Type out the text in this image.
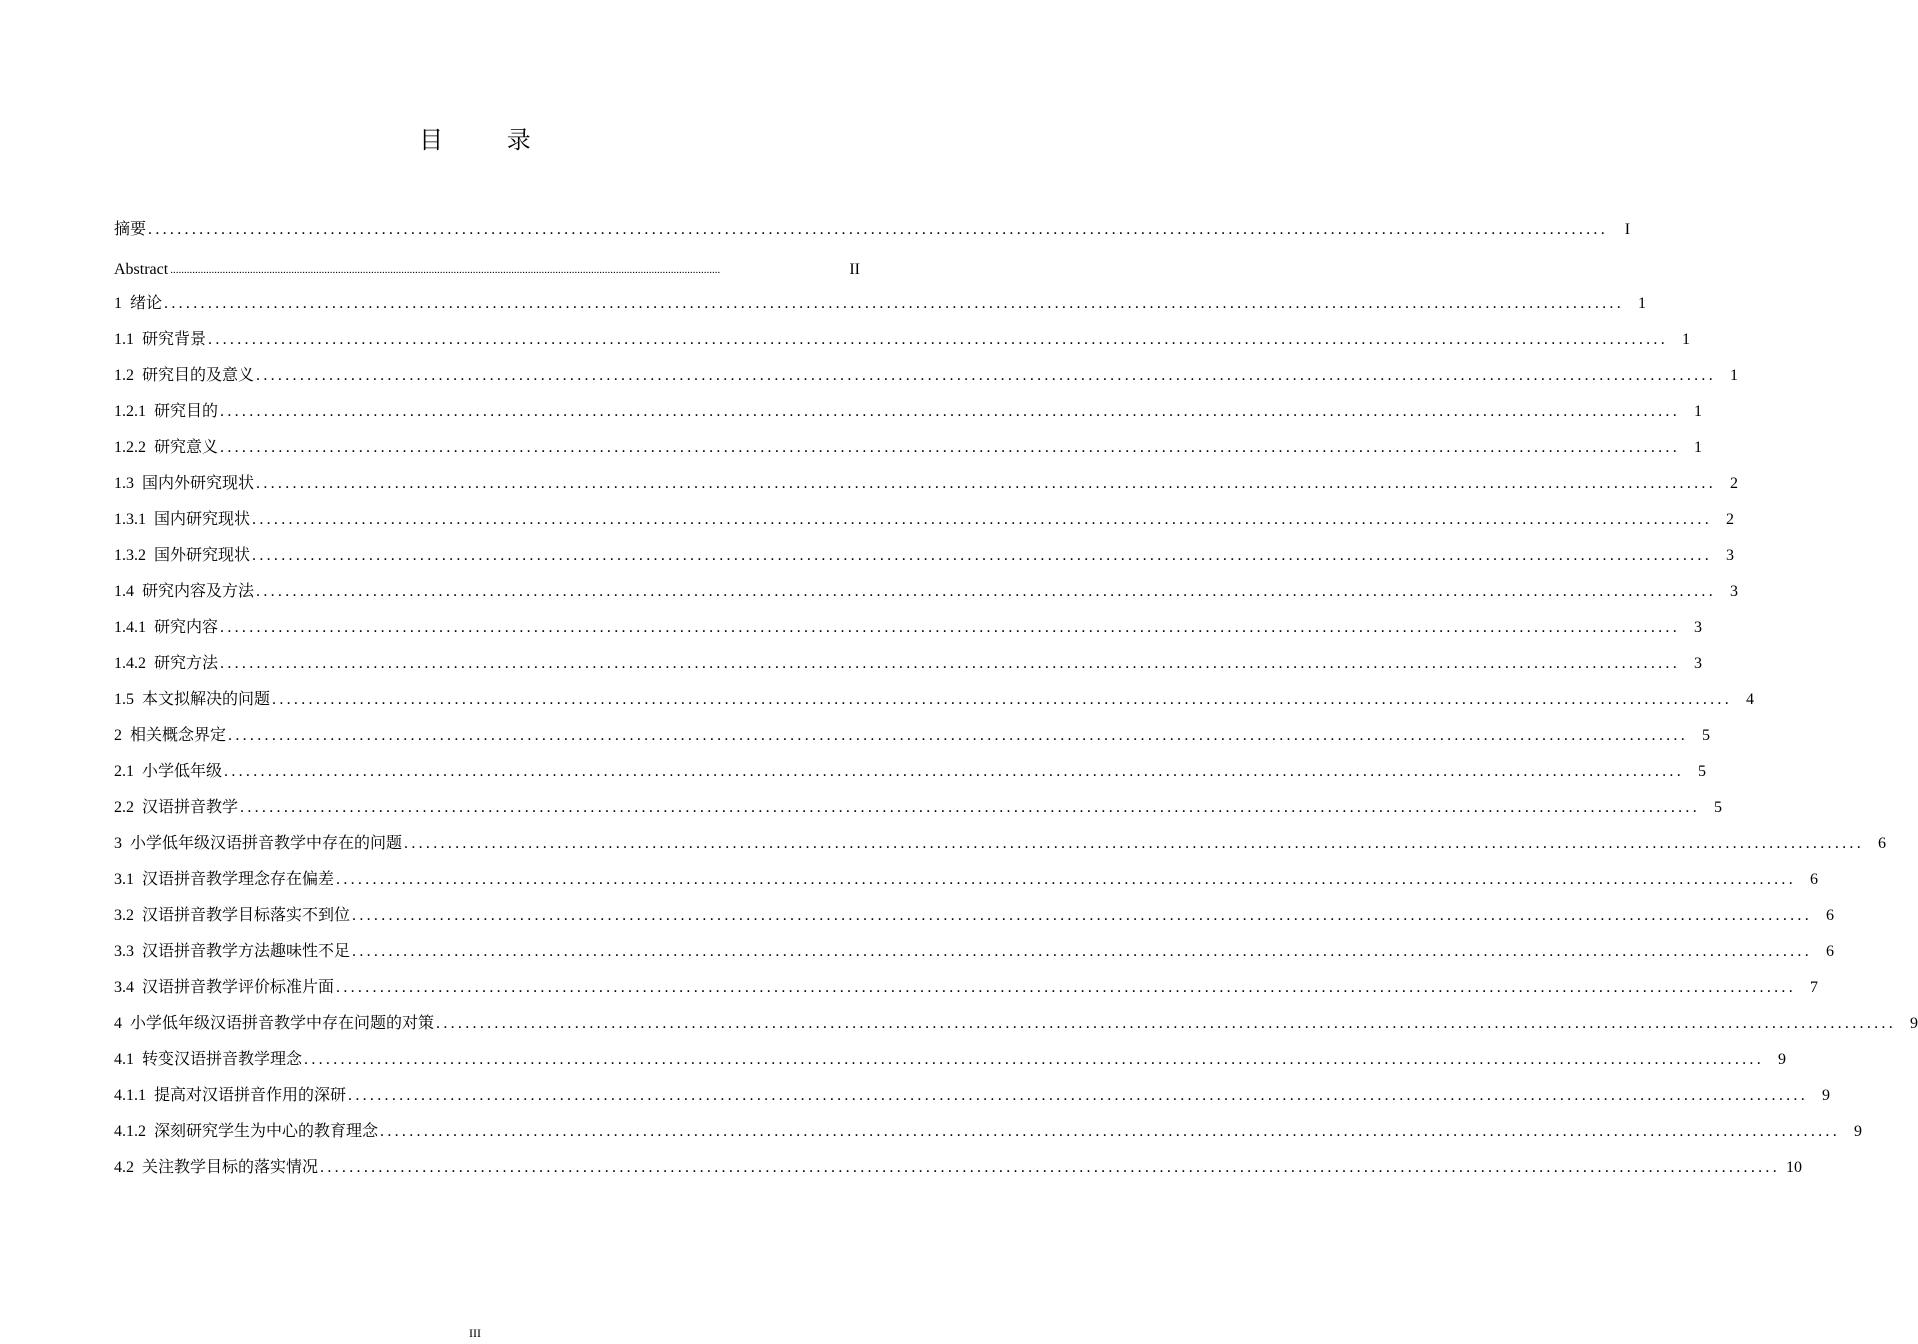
目 录
摘要 ........................................................................................................................................................................................................	I
Abstract ........................................................................................................................................................................................................	II
1 绪论 ........................................................................................................................................................................................................ 1
1.1 研究背景 ........................................................................................................................................................................................................ 1
1.2 研究目的及意义 ........................................................................................................................................................................................................ 1
1.2.1 研究目的 ........................................................................................................................................................................................................ 1
1.2.2 研究意义 ........................................................................................................................................................................................................ 1
1.3 国内外研究现状 ........................................................................................................................................................................................................ 2
1.3.1 国内研究现状 ........................................................................................................................................................................................................ 2
1.3.2 国外研究现状 ........................................................................................................................................................................................................ 3
1.4 研究内容及方法 ........................................................................................................................................................................................................ 3
1.4.1 研究内容 ........................................................................................................................................................................................................ 3
1.4.2 研究方法 ........................................................................................................................................................................................................ 3
1.5 本文拟解决的问题 ........................................................................................................................................................................................................ 4
2 相关概念界定 ........................................................................................................................................................................................................ 5
2.1 小学低年级 ........................................................................................................................................................................................................ 5
2.2 汉语拼音教学 ........................................................................................................................................................................................................ 5
3 小学低年级汉语拼音教学中存在的问题 ........................................................................................................................................................................................................ 6
3.1 汉语拼音教学理念存在偏差 ........................................................................................................................................................................................................ 6
3.2 汉语拼音教学目标落实不到位 ........................................................................................................................................................................................................ 6
3.3 汉语拼音教学方法趣味性不足 ........................................................................................................................................................................................................ 6
3.4 汉语拼音教学评价标准片面 ........................................................................................................................................................................................................ 7
4 小学低年级汉语拼音教学中存在问题的对策 ........................................................................................................................................................................................................ 9
4.1 转变汉语拼音教学理念 ........................................................................................................................................................................................................ 9
4.1.1 提高对汉语拼音作用的深研 ........................................................................................................................................................................................................ 9
4.1.2 深刻研究学生为中心的教育理念 ........................................................................................................................................................................................................ 9
4.2 关注教学目标的落实情况 ........................................................................................................................................................................................................ 10
III
